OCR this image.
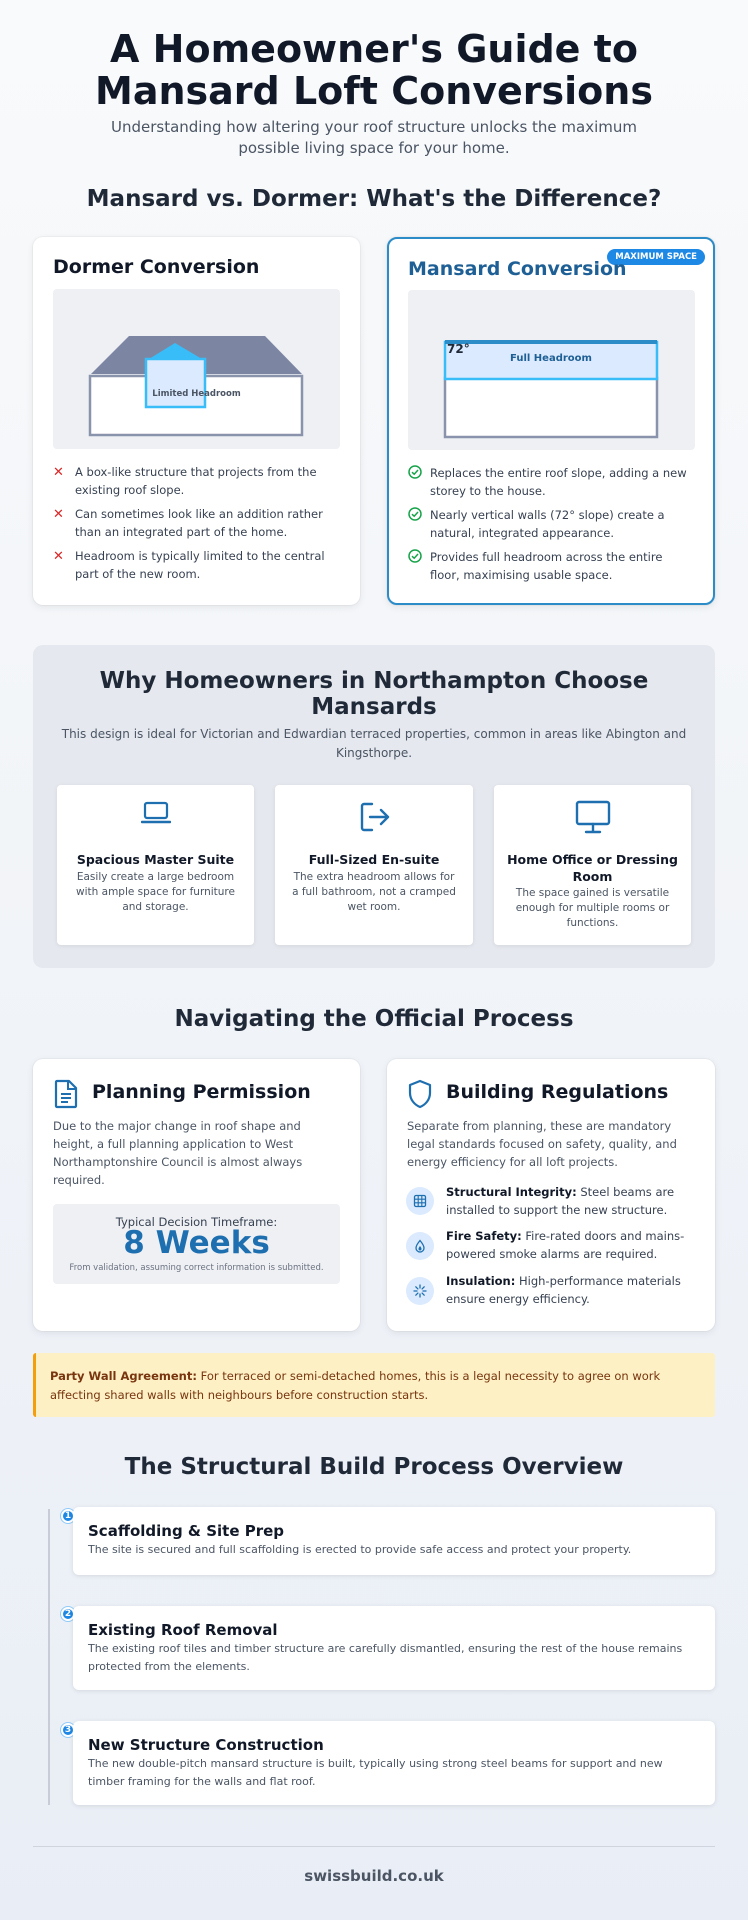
A Homeowner's Guide to Mansard Loft Conversions
Understanding how altering your roof structure unlocks the maximum possible living space for your home.
Mansard vs. Dormer: What's the Difference?
Dormer Conversion
Limited Headroom
✕ A box-like structure that projects from the existing roof slope.
✕ Can sometimes look like an addition rather than an integrated part of the home.
✕ Headroom is typically limited to the central part of the new room.
MAXIMUM SPACE
Mansard Conversion
72°
Full Headroom
Replaces the entire roof slope, adding a new storey to the house.
Nearly vertical walls (72° slope) create a natural, integrated appearance.
Provides full headroom across the entire floor, maximising usable space.
Why Homeowners in Northampton Choose Mansards
This design is ideal for Victorian and Edwardian terraced properties, common in areas like Abington and Kingsthorpe.
Spacious Master Suite
Easily create a large bedroom with ample space for furniture and storage.
Full-Sized En-suite
The extra headroom allows for a full bathroom, not a cramped wet room.
Home Office or Dressing Room
The space gained is versatile enough for multiple rooms or functions.
Navigating the Official Process
Planning Permission
Due to the major change in roof shape and height, a full planning application to West Northamptonshire Council is almost always required.
Typical Decision Timeframe:
8 Weeks
From validation, assuming correct information is submitted.
Building Regulations
Separate from planning, these are mandatory legal standards focused on safety, quality, and energy efficiency for all loft projects.
Structural Integrity: Steel beams are installed to support the new structure.
Fire Safety: Fire-rated doors and mains-powered smoke alarms are required.
Insulation: High-performance materials ensure energy efficiency.
Party Wall Agreement: For terraced or semi-detached homes, this is a legal necessity to agree on work affecting shared walls with neighbours before construction starts.
The Structural Build Process Overview
1
Scaffolding & Site Prep
The site is secured and full scaffolding is erected to provide safe access and protect your property.
2
Existing Roof Removal
The existing roof tiles and timber structure are carefully dismantled, ensuring the rest of the house remains protected from the elements.
3
New Structure Construction
The new double-pitch mansard structure is built, typically using strong steel beams for support and new timber framing for the walls and flat roof.
swissbuild.co.uk
